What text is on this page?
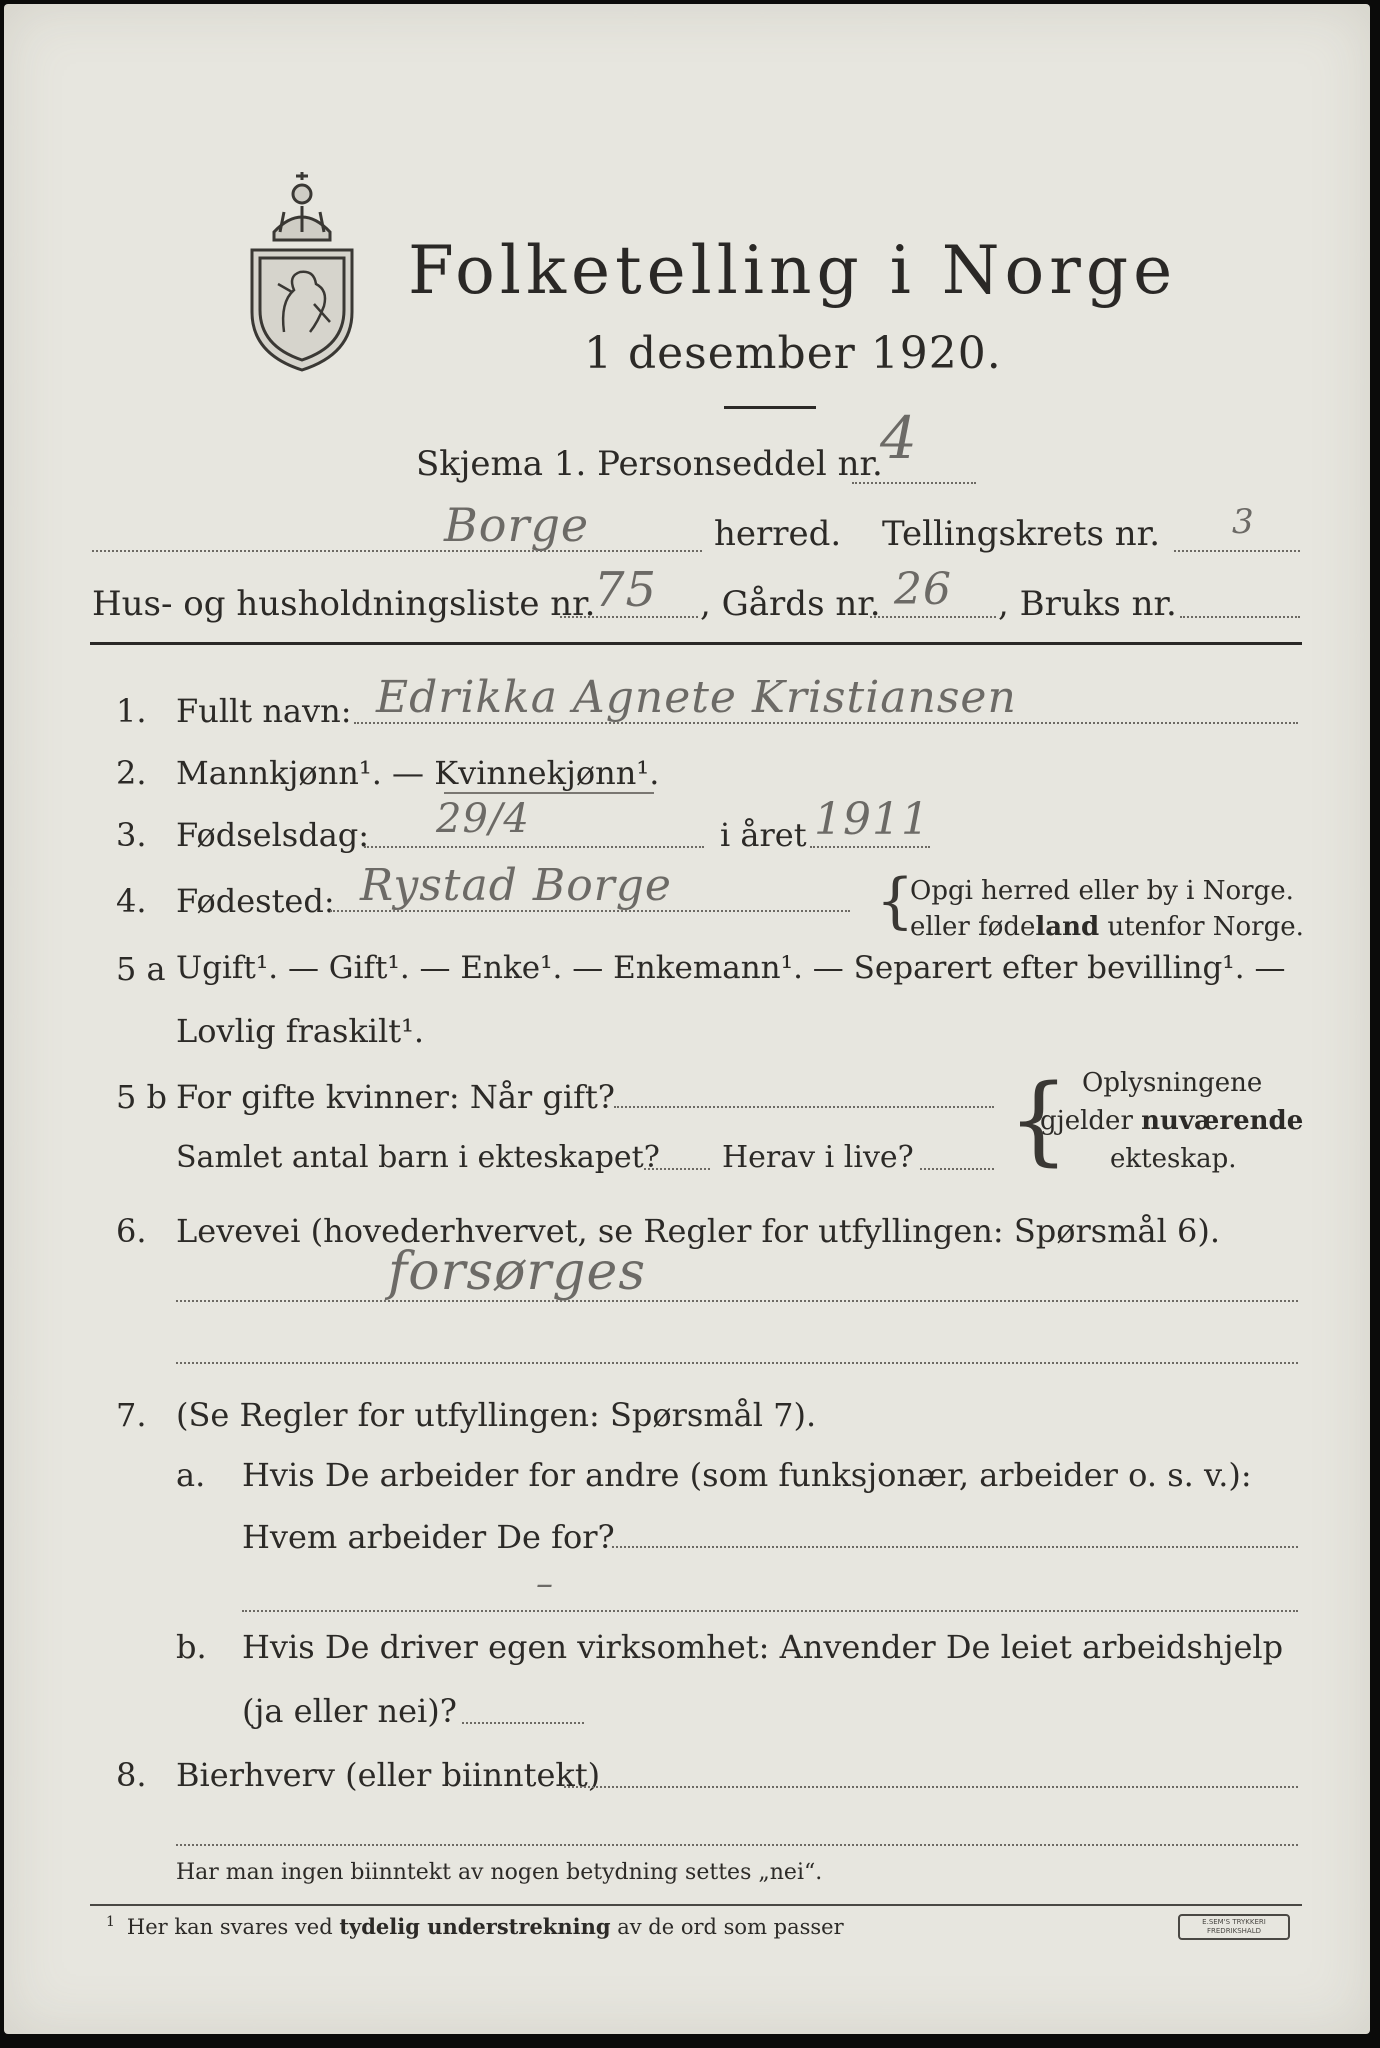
Folketelling i Norge
1 desember 1920.
Skjema 1. Personseddel nr.
4
Borge	herred. Tellingskrets nr. 3
Hus- og husholdningsliste nr.
75 , Gårds nr. 26 , Bruks nr.
1. Fullt navn: Edrikka Agnete Kristiansen
2. Mannkjønn¹. — Kvinnekjønn¹.
3. Fødselsdag: 29/4	i året 1911
4. Fødested: Rystad Borge	{
Opgi herred eller by i Norge.
eller fødeland utenfor Norge.
5 a Ugift¹. — Gift¹. — Enke¹. — Enkemann¹. — Separert efter bevilling¹. —
Lovlig fraskilt¹.
5 b For gifte kvinner: Når gift?
Samlet antal barn i ekteskapet? Herav i live? { Oplysningene
gjelder nuværende
ekteskap.
6. Levevei (hovederhvervet, se Regler for utfyllingen: Spørsmål 6).
forsørges
7. (Se Regler for utfyllingen: Spørsmål 7).
a. Hvis De arbeider for andre (som funksjonær, arbeider o. s. v.):
Hvem arbeider De for?
–
b. Hvis De driver egen virksomhet: Anvender De leiet arbeidshjelp
(ja eller nei)?
8. Bierhverv (eller biinntekt)
Har man ingen biinntekt av nogen betydning settes „nei“.
$^1$ Her kan svares ved tydelig understrekning av de ord som passer	E.SEM'S TRYKKERI
FREDRIKSHALD
